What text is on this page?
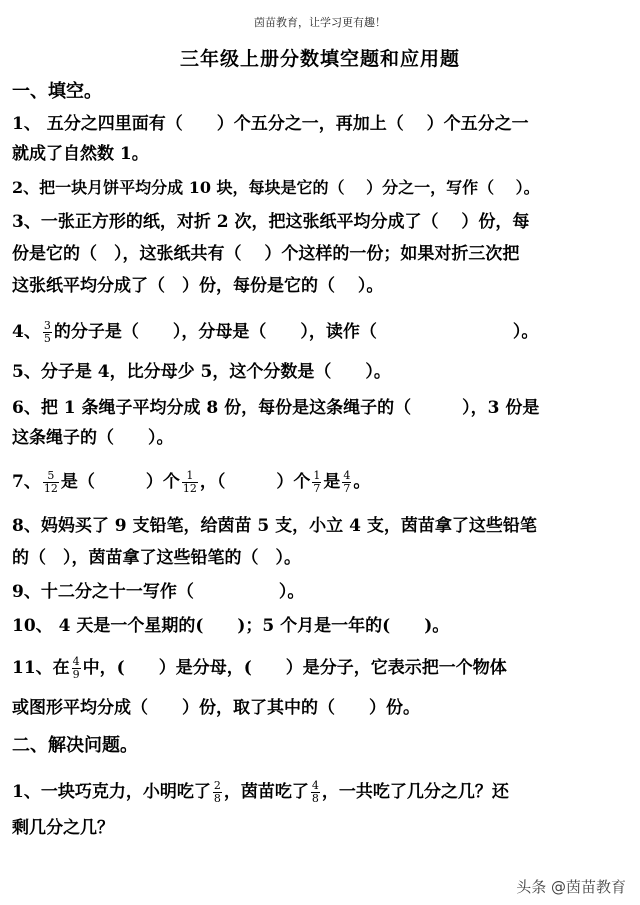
茵苗教育，让学习更有趣！
三年级上册分数填空题和应用题
一、填空。
1、 五分之四里面有（　　）个五分之一，再加上（　 ）个五分之一
就成了自然数 1。
2、把一块月饼平均分成 10 块，每块是它的（　 ）分之一，写作（　 ）。
3、一张正方形的纸，对折 2 次，把这张纸平均分成了（　 ）份，每
份是它的（　），这张纸共有（　 ）个这样的一份；如果对折三次把
这张纸平均分成了（　）份，每份是它的（　 ）。
4、 $\frac{3}{5}$ 的分子是（　　），分母是（　　），读作（　　　　　　　　）。
5、分子是 4，比分母少 5，这个分数是（　　）。
6、把 1 条绳子平均分成 8 份，每份是这条绳子的（　　　），3 份是
这条绳子的（　　）。
7、 $\frac{5}{12}$ 是（　　　）个 $\frac{1}{12}$ ，（　　　）个 $\frac{1}{7}$ 是 $\frac{4}{7}$ 。
8、妈妈买了 9 支铅笔，给茵苗 5 支，小立 4 支，茵苗拿了这些铅笔
的（　），茵苗拿了这些铅笔的（　）。
9、十二分之十一写作（　　　　　）。
10、 4 天是一个星期的(　　)；5 个月是一年的(　　)。
11、在 $\frac{4}{9}$ 中，(　　）是分母，(　　）是分子，它表示把一个物体
或图形平均分成（　　）份，取了其中的（　　）份。
二、解决问题。
1、一块巧克力，小明吃了 $\frac{2}{8}$ ，茵苗吃了 $\frac{4}{8}$ ，一共吃了几分之几？还
剩几分之几？
头条 @茵苗教育
